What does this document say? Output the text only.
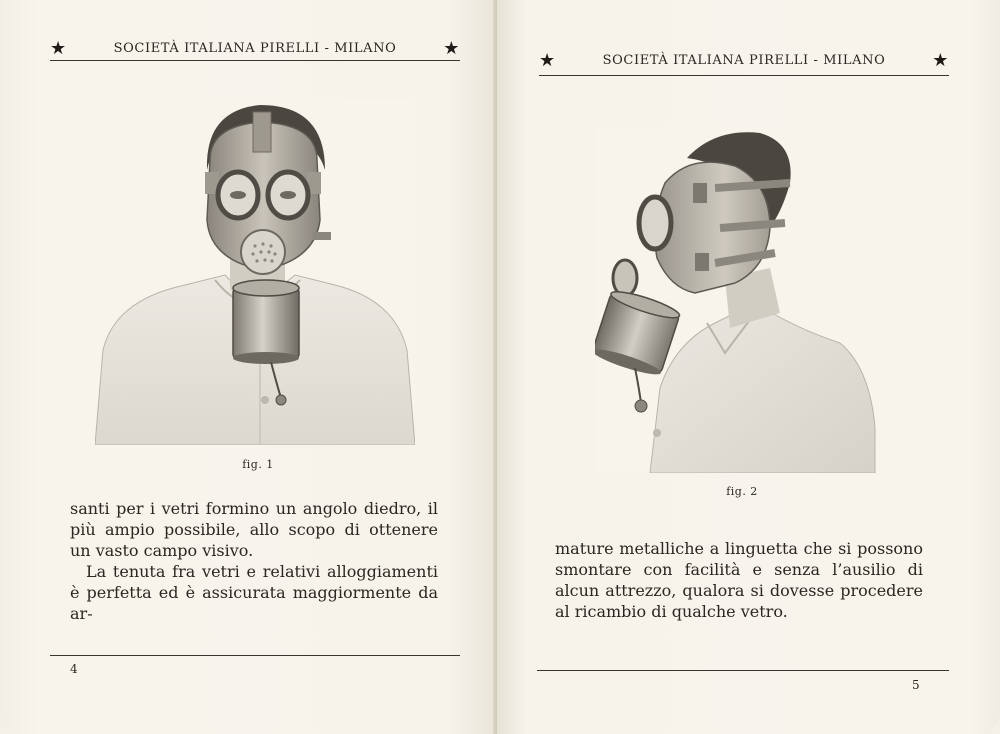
★	SOCIETÀ ITALIANA PIRELLI - MILANO	★
fig. 1

santi per i vetri formino un angolo diedro, il più ampio possibile, allo scopo di ottenere un vasto campo visivo.

La tenuta fra vetri e relativi alloggiamenti è perfetta ed è assicurata maggiormente da ar-

4
★	SOCIETÀ ITALIANA PIRELLI - MILANO	★
fig. 2

mature metalliche a linguetta che si possono smontare con facilità e senza l’ausilio di alcun attrezzo, qualora si dovesse procedere al ricambio di qualche vetro.

5
